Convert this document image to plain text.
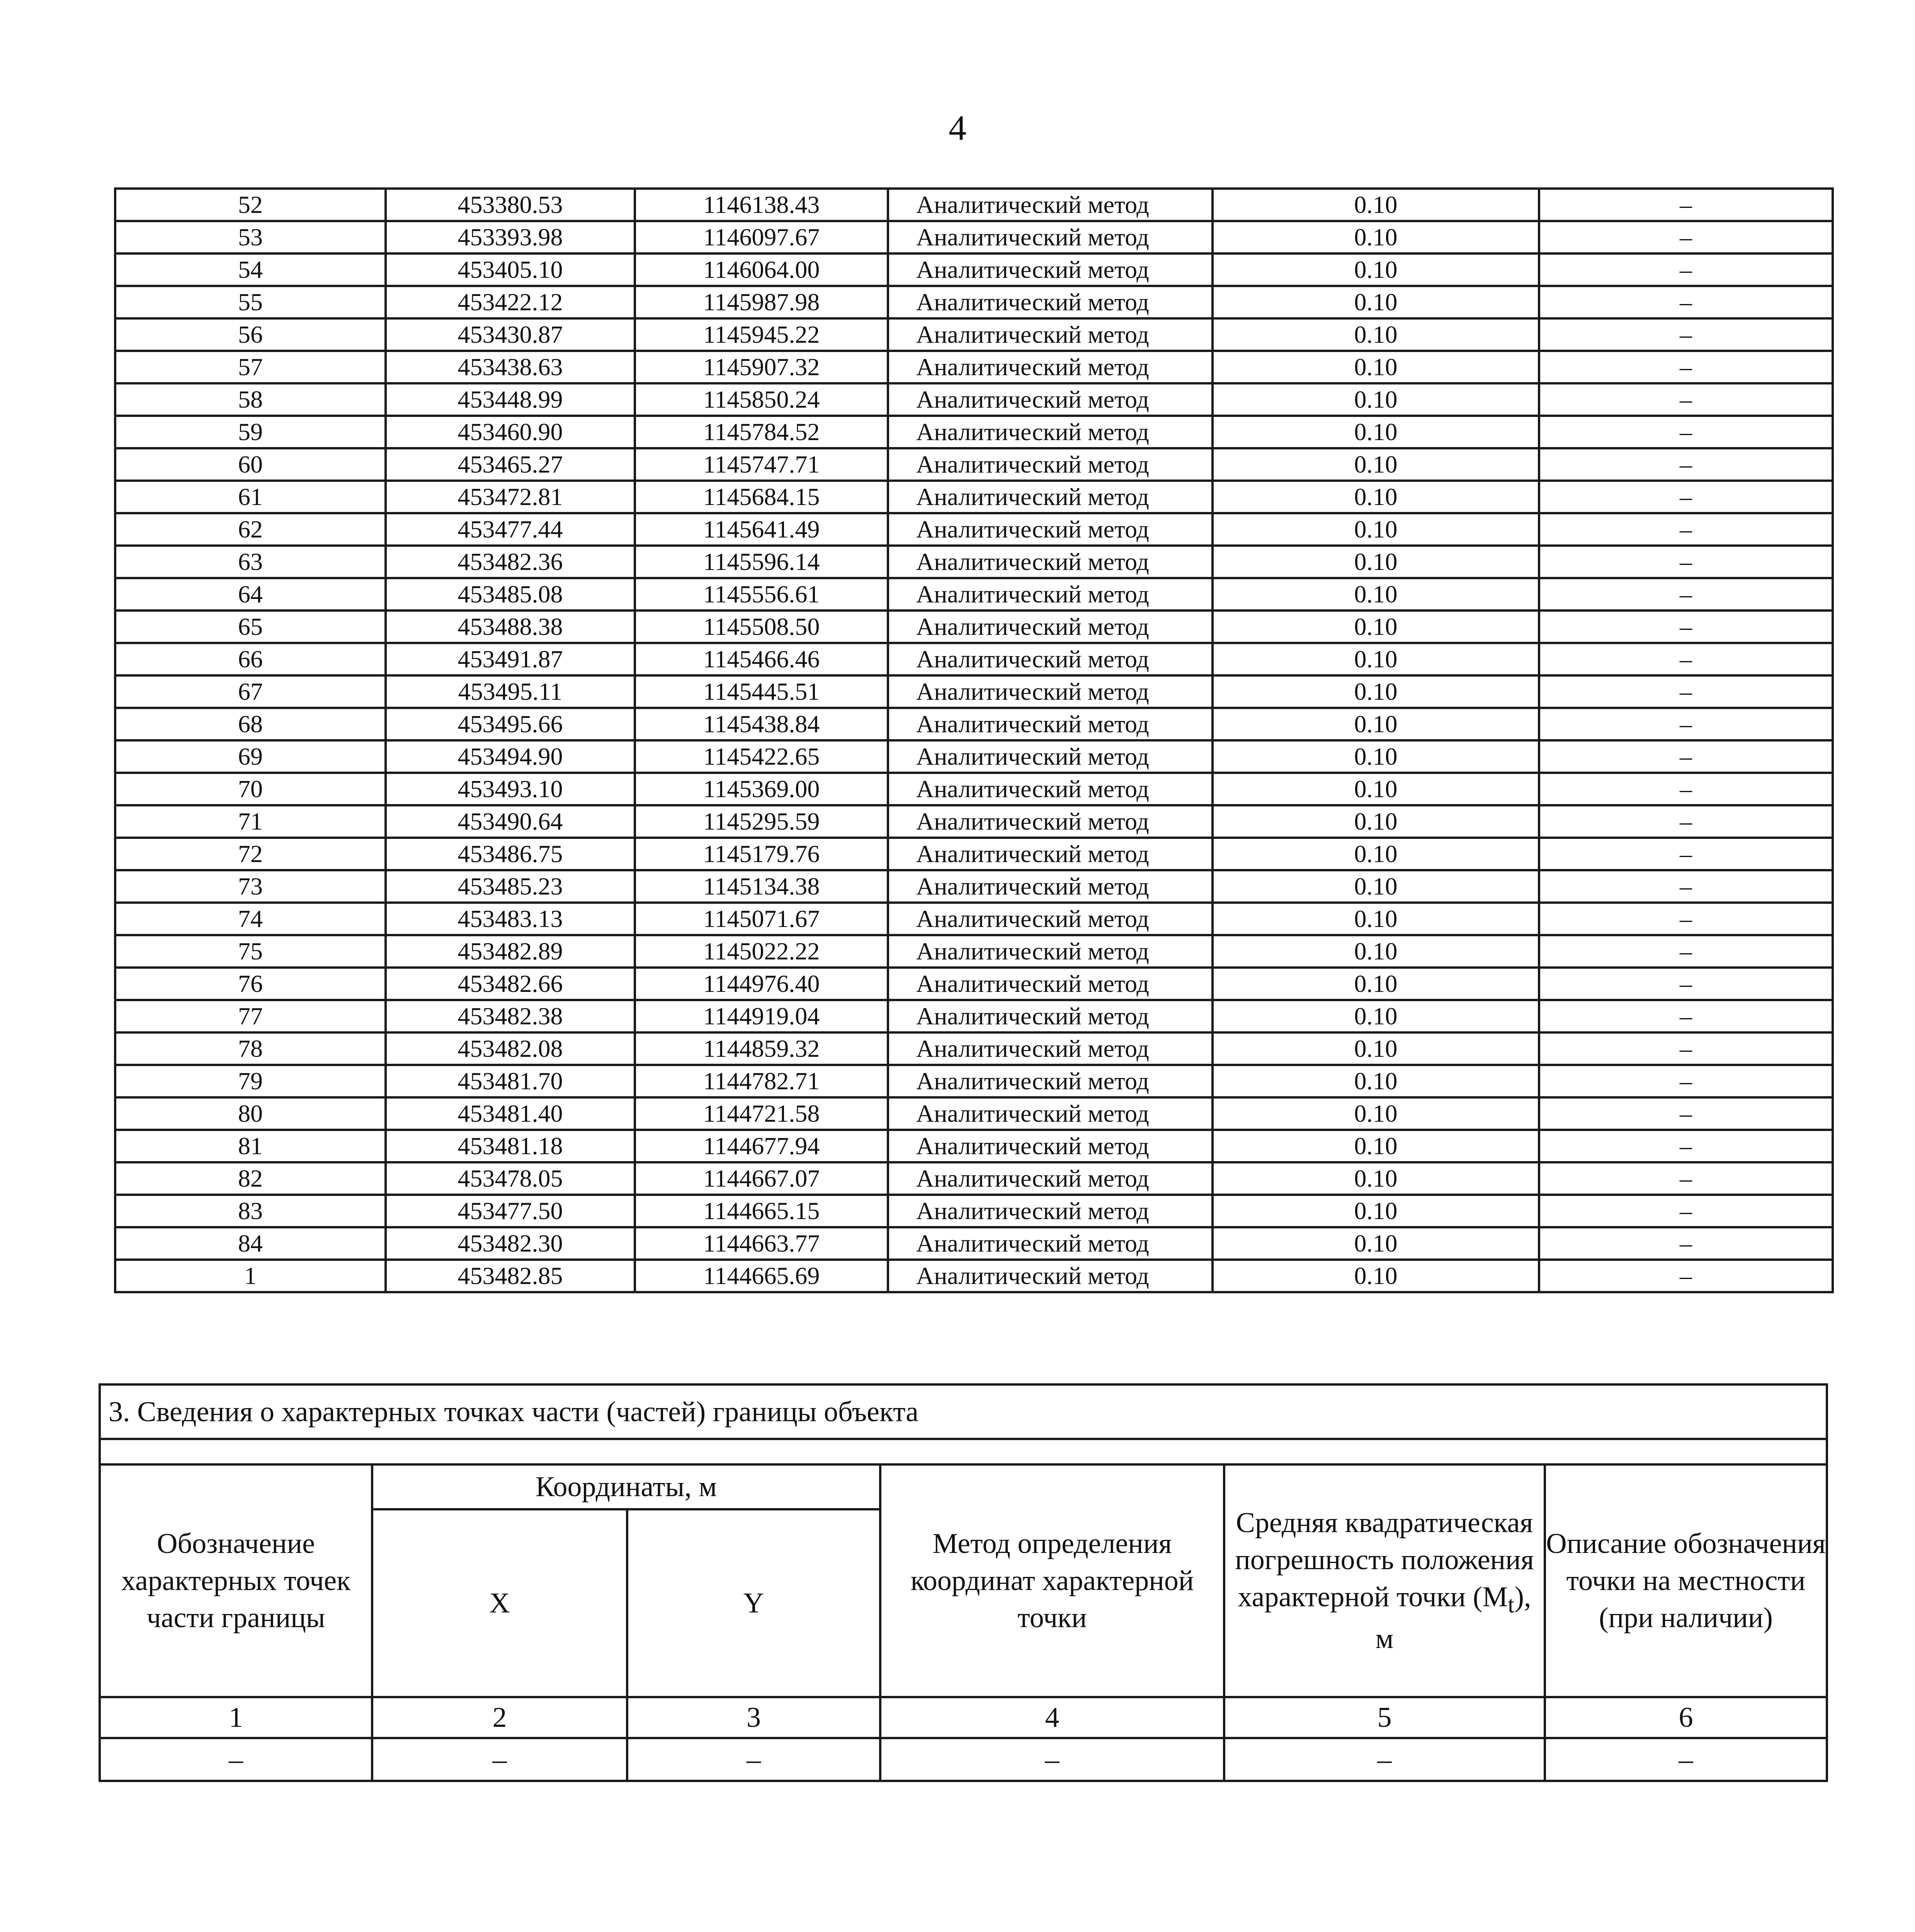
4
52	453380.53	1146138.43	Аналитический метод	0.10	–
53	453393.98	1146097.67	Аналитический метод	0.10	–
54	453405.10	1146064.00	Аналитический метод	0.10	–
55	453422.12	1145987.98	Аналитический метод	0.10	–
56	453430.87	1145945.22	Аналитический метод	0.10	–
57	453438.63	1145907.32	Аналитический метод	0.10	–
58	453448.99	1145850.24	Аналитический метод	0.10	–
59	453460.90	1145784.52	Аналитический метод	0.10	–
60	453465.27	1145747.71	Аналитический метод	0.10	–
61	453472.81	1145684.15	Аналитический метод	0.10	–
62	453477.44	1145641.49	Аналитический метод	0.10	–
63	453482.36	1145596.14	Аналитический метод	0.10	–
64	453485.08	1145556.61	Аналитический метод	0.10	–
65	453488.38	1145508.50	Аналитический метод	0.10	–
66	453491.87	1145466.46	Аналитический метод	0.10	–
67	453495.11	1145445.51	Аналитический метод	0.10	–
68	453495.66	1145438.84	Аналитический метод	0.10	–
69	453494.90	1145422.65	Аналитический метод	0.10	–
70	453493.10	1145369.00	Аналитический метод	0.10	–
71	453490.64	1145295.59	Аналитический метод	0.10	–
72	453486.75	1145179.76	Аналитический метод	0.10	–
73	453485.23	1145134.38	Аналитический метод	0.10	–
74	453483.13	1145071.67	Аналитический метод	0.10	–
75	453482.89	1145022.22	Аналитический метод	0.10	–
76	453482.66	1144976.40	Аналитический метод	0.10	–
77	453482.38	1144919.04	Аналитический метод	0.10	–
78	453482.08	1144859.32	Аналитический метод	0.10	–
79	453481.70	1144782.71	Аналитический метод	0.10	–
80	453481.40	1144721.58	Аналитический метод	0.10	–
81	453481.18	1144677.94	Аналитический метод	0.10	–
82	453478.05	1144667.07	Аналитический метод	0.10	–
83	453477.50	1144665.15	Аналитический метод	0.10	–
84	453482.30	1144663.77	Аналитический метод	0.10	–
1	453482.85	1144665.69	Аналитический метод	0.10	–
3. Сведения о характерных точках части (частей) границы объекта					

Обозначение характерных точек части границы	Координаты, м		Метод определения координат характерной точки	Средняя квадратическая погрешность положения характерной точки $(M_t)$, м	Описание обозначения точки на местности (при наличии)
	X	Y			
1	2	3	4	5	6
–	–	–	–	–	–
